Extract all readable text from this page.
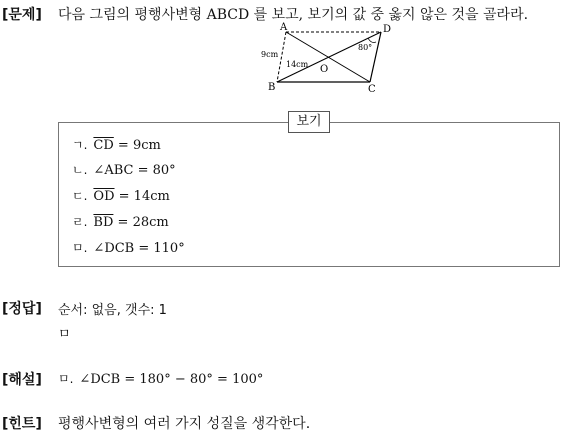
[문제] 다음 그림의 평행사변형 ABCD 를 보고, 보기의 값 중 옳지 않은 것을 골라라.
A	D
B	C
O
9cm
14cm
80°
보기
ㄱ. $\overline{CD} = 9cm$
ㄴ. ∠ABC = 80°
ㄷ. $\overline{OD} = 14cm$
ㄹ. $\overline{BD} = 28cm$
ㅁ. ∠DCB = 110°
[정답] 순서: 없음, 갯수: 1
ㅁ
[해설] ㅁ. ∠DCB = 180° − 80° = 100°
[힌트] 평행사변형의 여러 가지 성질을 생각한다.
